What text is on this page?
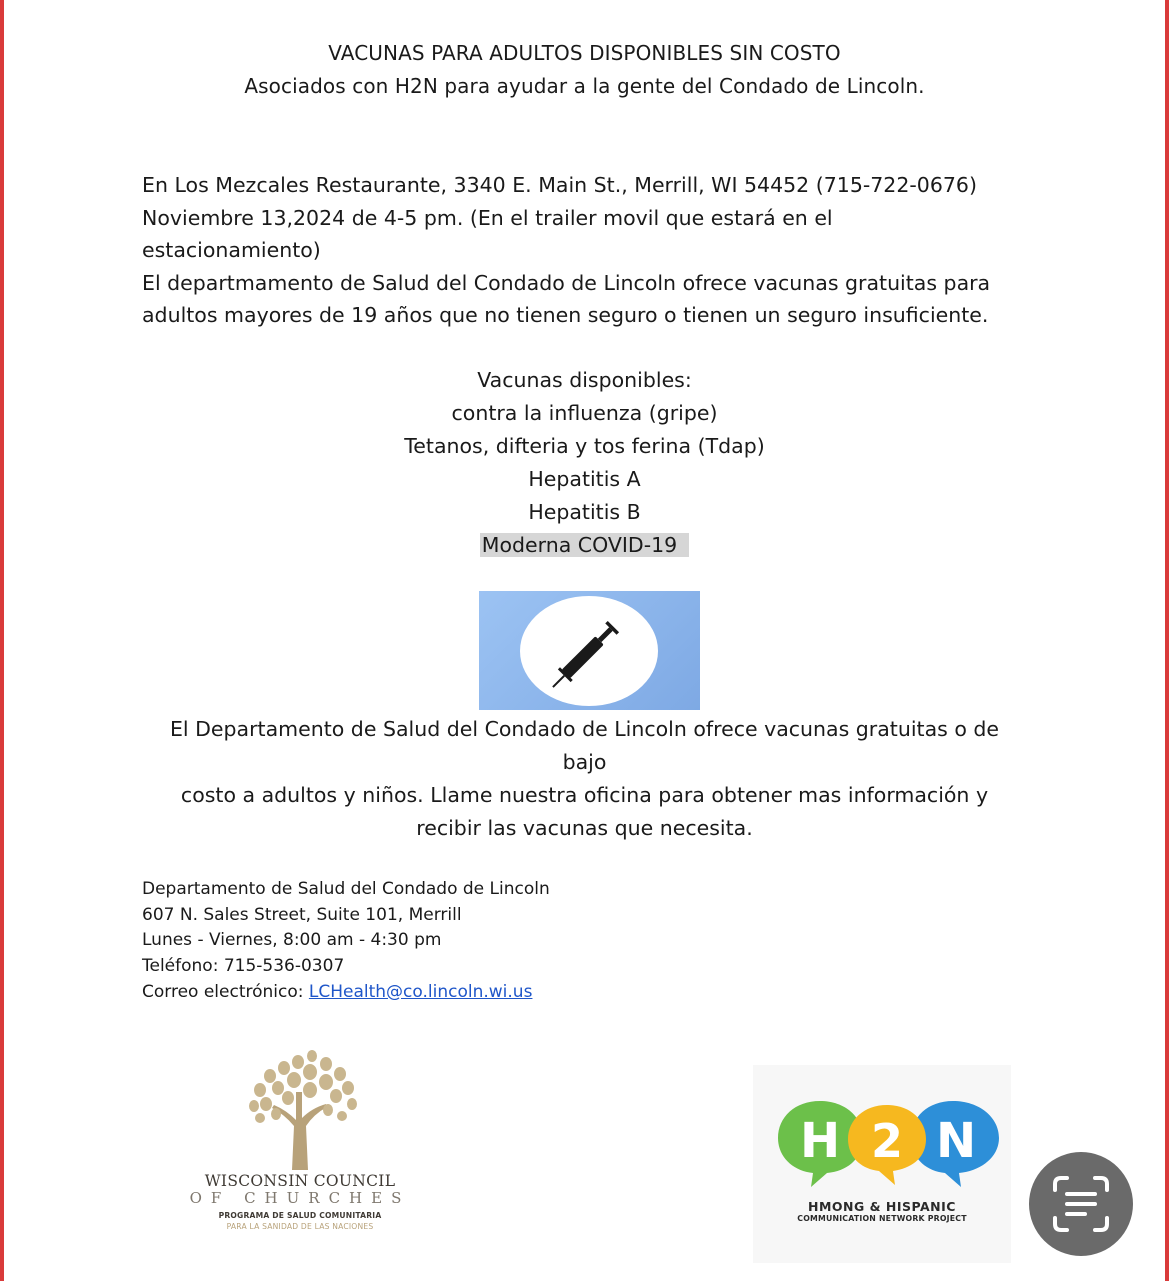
VACUNAS PARA ADULTOS DISPONIBLES SIN COSTO
Asociados con H2N para ayudar a la gente del Condado de Lincoln.
En Los Mezcales Restaurante, 3340 E. Main St., Merrill, WI 54452 (715-722-0676)
Noviembre 13,2024 de 4-5 pm. (En el trailer movil que estará en el
estacionamiento)
El departmamento de Salud del Condado de Lincoln ofrece vacunas gratuitas para
adultos mayores de 19 años que no tienen seguro o tienen un seguro insuficiente.
Vacunas disponibles:
contra la influenza (gripe)
Tetanos, difteria y tos ferina (Tdap)
Hepatitis A
Hepatitis B
Moderna COVID-19
El Departamento de Salud del Condado de Lincoln ofrece vacunas gratuitas o de
bajo
costo a adultos y niños. Llame nuestra oficina para obtener mas información y
recibir las vacunas que necesita.
Departamento de Salud del Condado de Lincoln
607 N. Sales Street, Suite 101, Merrill
Lunes - Viernes, 8:00 am - 4:30 pm
Teléfono: 715-536-0307
Correo electrónico: LCHealth@co.lincoln.wi.us
WISCONSIN COUNCIL
OF CHURCHES
PROGRAMA DE SALUD COMUNITARIA
PARA LA SANIDAD DE LAS NACIONES
H 2 N
HMONG & HISPANIC
COMMUNICATION NETWORK PROJECT
